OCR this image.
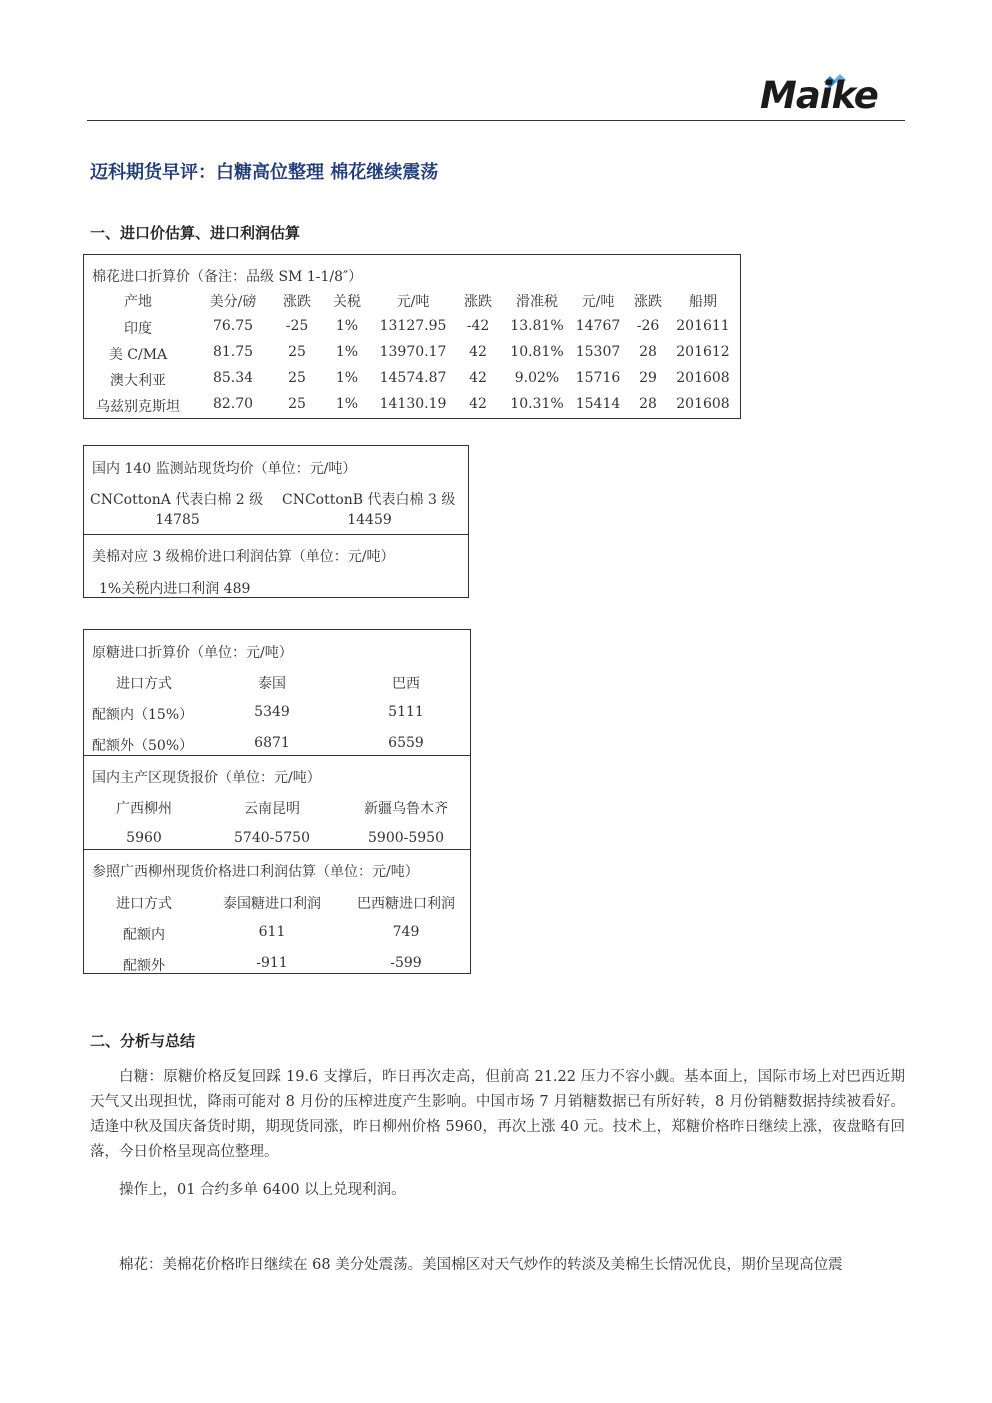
Maike
迈科期货早评：白糖高位整理 棉花继续震荡
一、进口价估算、进口利润估算
棉花进口折算价（备注：品级 SM 1-1/8″）
产地	美分/磅	涨跌	关税	元/吨	涨跌	滑准税	元/吨	涨跌	船期
印度	76.75	-25	1%	13127.95	-42	13.81% 14767	-26	201611
美 C/MA	81.75	25	1%	13970.17	42	10.81% 15307	28	201612
澳大利亚	85.34	25	1%	14574.87	42	9.02%	15716	29	201608
乌兹别克斯坦	82.70	25	1%	14130.19	42	10.31% 15414	28	201608
国内 140 监测站现货均价（单位：元/吨）
CNCottonA 代表白棉 2 级
14785
CNCottonB 代表白棉 3 级
14459
美棉对应 3 级棉价进口利润估算（单位：元/吨）
1%关税内进口利润 489
原糖进口折算价（单位：元/吨）
进口方式	泰国	巴西
配额内（15%）	5349	5111
配额外（50%）	6871	6559
国内主产区现货报价（单位：元/吨）
广西柳州	云南昆明	新疆乌鲁木齐
5960	5740-5750	5900-5950
参照广西柳州现货价格进口利润估算（单位：元/吨）
进口方式	泰国糖进口利润	巴西糖进口利润
配额内	611	749
配额外	-911	-599
二、分析与总结
白糖：原糖价格反复回踩 19.6 支撑后，昨日再次走高，但前高 21.22 压力不容小觑。基本面上，国际市场上对巴西近期天气又出现担忧，降雨可能对 8 月份的压榨进度产生影响。中国市场 7 月销糖数据已有所好转，8 月份销糖数据持续被看好。适逢中秋及国庆备货时期，期现货同涨，昨日柳州价格 5960，再次上涨 40 元。技术上，郑糖价格昨日继续上涨，夜盘略有回落，今日价格呈现高位整理。
操作上，01 合约多单 6400 以上兑现利润。
棉花：美棉花价格昨日继续在 68 美分处震荡。美国棉区对天气炒作的转淡及美棉生长情况优良，期价呈现高位震
